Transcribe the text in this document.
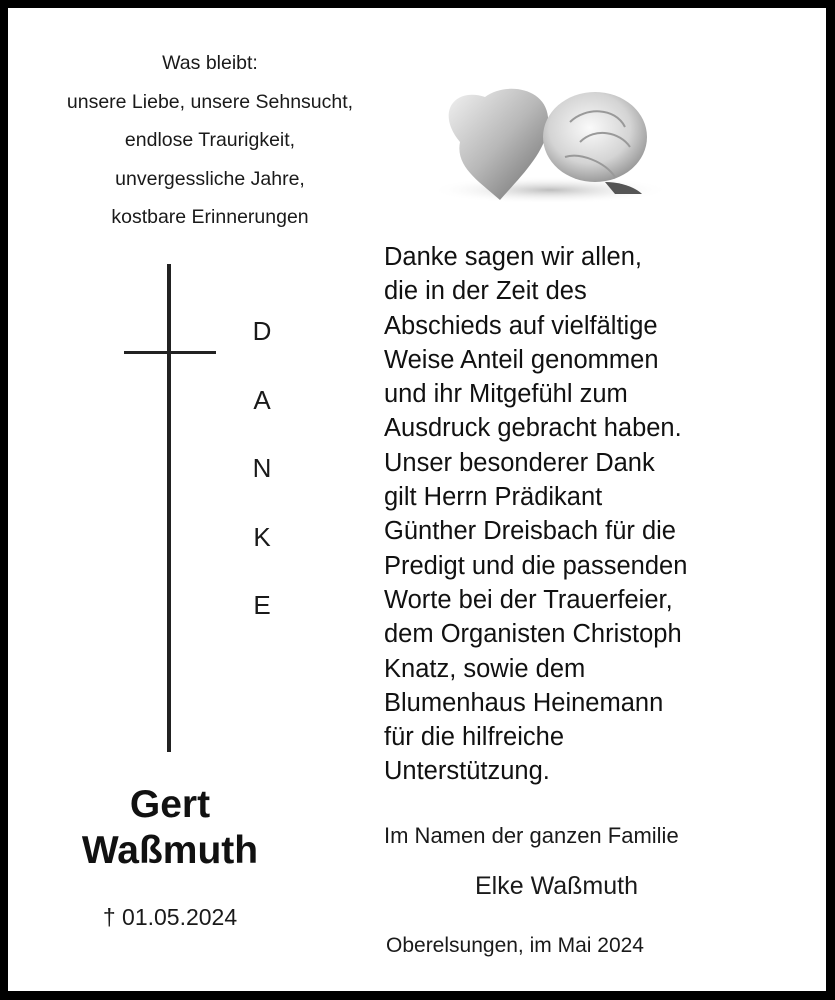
Was bleibt:
unsere Liebe, unsere Sehnsucht,
endlose Traurigkeit,
unvergessliche Jahre,
kostbare Erinnerungen
D
A
N
K
E
Danke sagen wir allen,
die in der Zeit des
Abschieds auf vielfältige
Weise Anteil genommen
und ihr Mitgefühl zum
Ausdruck gebracht haben.
Unser besonderer Dank
gilt Herrn Prädikant
Günther Dreisbach für die
Predigt und die passenden
Worte bei der Trauerfeier,
dem Organisten Christoph
Knatz, sowie dem
Blumenhaus Heinemann
für die hilfreiche
Unterstützung.
Gert
Waßmuth
† 01.05.2024
Im Namen der ganzen Familie
Elke Waßmuth
Oberelsungen, im Mai 2024
